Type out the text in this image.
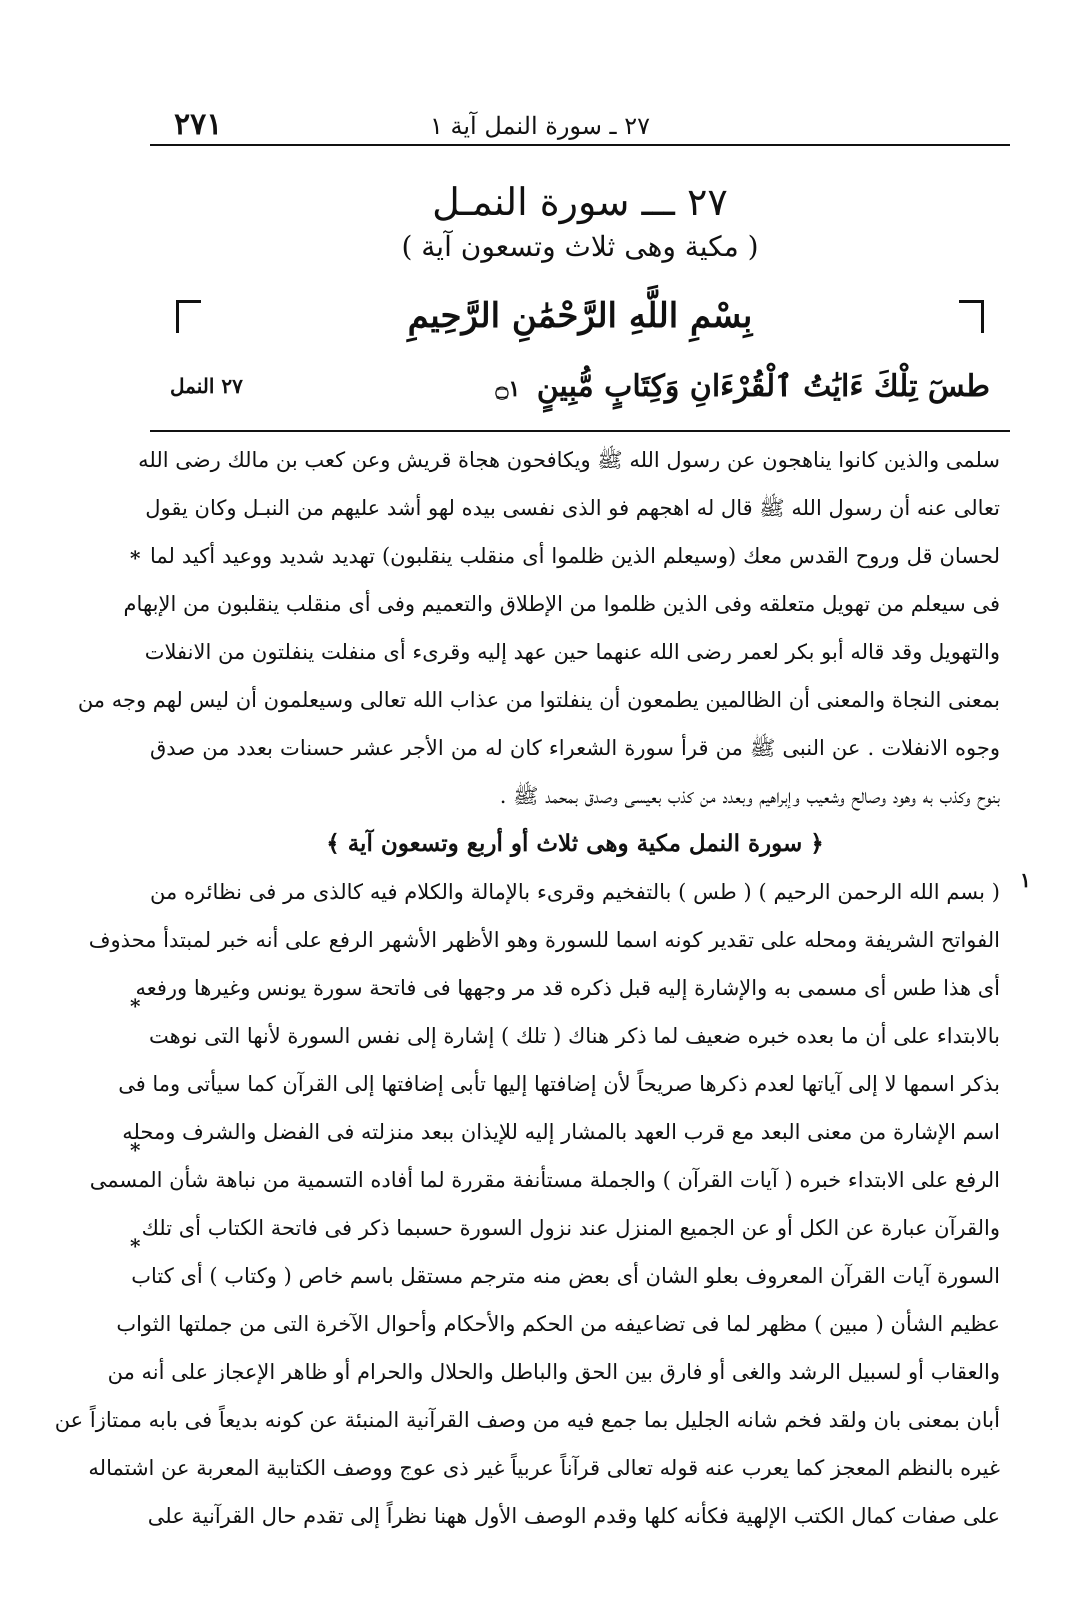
٢٧ ـ سورة النمل آية ١
٢٧١
٢٧ ـــ سورة النمـل
( مكية وهى ثلاث وتسعون آية )
بِسْمِ اللَّهِ الرَّحْمَٰنِ الرَّحِيمِ
طسٓ تِلْكَ ءَايَٰتُ ٱلْقُرْءَانِ وَكِتَابٍ مُّبِينٍ ۝١
٢٧ النمل
سلمى والذين كانوا يناهجون عن رسول الله ﷺ ويكافحون هجاة قريش وعن كعب بن مالك رضى الله
تعالى عنه أن رسول الله ﷺ قال له اهجهم فو الذى نفسى بيده لهو أشد عليهم من النبـل وكان يقول
لحسان قل وروح القدس معك (وسيعلم الذين ظلموا أى منقلب ينقلبون) تهديد شديد ووعيد أكيد لما
فى سيعلم من تهويل متعلقه وفى الذين ظلموا من الإطلاق والتعميم وفى أى منقلب ينقلبون من الإبهام
والتهويل وقد قاله أبو بكر لعمر رضى الله عنهما حين عهد إليه وقرىء أى منفلت ينفلتون من الانفلات
بمعنى النجاة والمعنى أن الظالمين يطمعون أن ينفلتوا من عذاب الله تعالى وسيعلمون أن ليس لهم وجه من
وجوه الانفلات . عن النبى ﷺ من قرأ سورة الشعراء كان له من الأجر عشر حسنات بعدد من صدق
بنوح وكذب به وهود وصالح وشعيب وإبراهيم وبعدد من كذب بعيسى وصدق بمحمد ﷺ .
﴿ سورة النمل مكية وهى ثلاث أو أربع وتسعون آية ﴾
( بسم الله الرحمن الرحيم ) ( طس ) بالتفخيم وقرىء بالإمالة والكلام فيه كالذى مر فى نظائره من
الفواتح الشريفة ومحله على تقدير كونه اسما للسورة وهو الأظهر الأشهر الرفع على أنه خبر لمبتدأ محذوف
أى هذا طس أى مسمى به والإشارة إليه قبل ذكره قد مر وجهها فى فاتحة سورة يونس وغيرها ورفعه
بالابتداء على أن ما بعده خبره ضعيف لما ذكر هناك ( تلك ) إشارة إلى نفس السورة لأنها التى نوهت
بذكر اسمها لا إلى آياتها لعدم ذكرها صريحاً لأن إضافتها إليها تأبى إضافتها إلى القرآن كما سيأتى وما فى
اسم الإشارة من معنى البعد مع قرب العهد بالمشار إليه للإيذان ببعد منزلته فى الفضل والشرف ومحله
الرفع على الابتداء خبره ( آيات القرآن ) والجملة مستأنفة مقررة لما أفاده التسمية من نباهة شأن المسمى
والقرآن عبارة عن الكل أو عن الجميع المنزل عند نزول السورة حسبما ذكر فى فاتحة الكتاب أى تلك
السورة آيات القرآن المعروف بعلو الشان أى بعض منه مترجم مستقل باسم خاص ( وكتاب ) أى كتاب
عظيم الشأن ( مبين ) مظهر لما فى تضاعيفه من الحكم والأحكام وأحوال الآخرة التى من جملتها الثواب
والعقاب أو لسبيل الرشد والغى أو فارق بين الحق والباطل والحلال والحرام أو ظاهر الإعجاز على أنه من
أبان بمعنى بان ولقد فخم شانه الجليل بما جمع فيه من وصف القرآنية المنبئة عن كونه بديعاً فى بابه ممتازاً عن
غيره بالنظم المعجز كما يعرب عنه قوله تعالى قرآناً عربياً غير ذى عوج ووصف الكتابية المعربة عن اشتماله
على صفات كمال الكتب الإلهية فكأنه كلها وقدم الوصف الأول ههنا نظراً إلى تقدم حال القرآنية على
*
١
*
*
*
